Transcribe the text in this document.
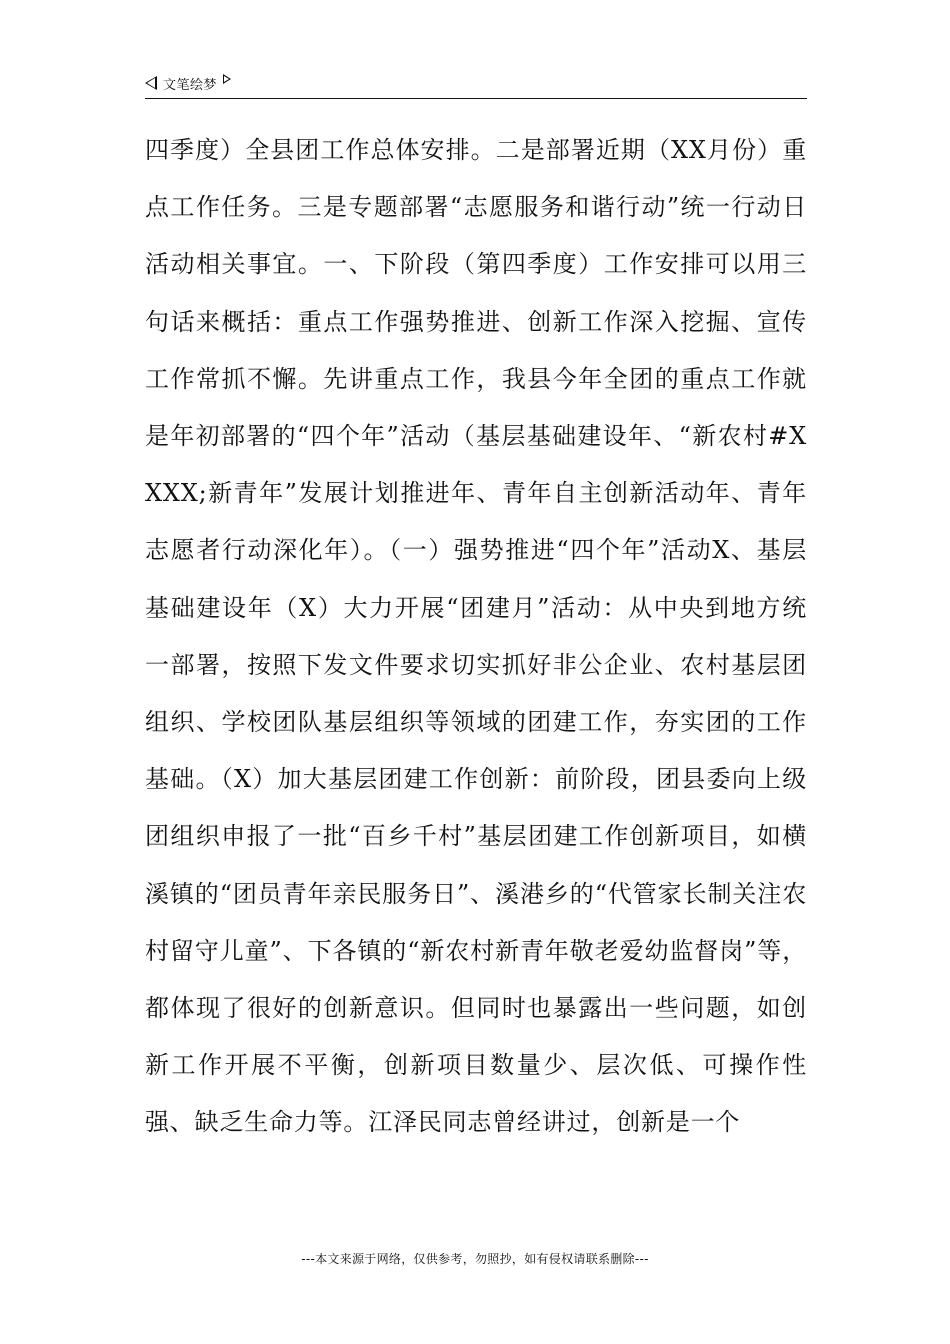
文笔绘梦
四季度）全县团工作总体安排。二是部署近期（XX月份）重点工作任务。三是专题部署“志愿服务和谐行动”统一行动日活动相关事宜。一、下阶段（第四季度）工作安排可以用三句话来概括：重点工作强势推进、创新工作深入挖掘、宣传工作常抓不懈。先讲重点工作，我县今年全团的重点工作就是年初部署的“四个年”活动（基层基础建设年、“新农村#XXXX;新青年”发展计划推进年、青年自主创新活动年、青年志愿者行动深化年）。（一）强势推进“四个年”活动X、基层基础建设年（X）大力开展“团建月”活动：从中央到地方统一部署，按照下发文件要求切实抓好非公企业、农村基层团组织、学校团队基层组织等领域的团建工作，夯实团的工作基础。（X）加大基层团建工作创新：前阶段，团县委向上级团组织申报了一批“百乡千村”基层团建工作创新项目，如横溪镇的“团员青年亲民服务日”、溪港乡的“代管家长制关注农村留守儿童”、下各镇的“新农村新青年敬老爱幼监督岗”等，都体现了很好的创新意识。但同时也暴露出一些问题，如创新工作开展不平衡，创新项目数量少、层次低、可操作性强、缺乏生命力等。江泽民同志曾经讲过，创新是一个
---本文来源于网络，仅供参考，勿照抄，如有侵权请联系删除---
